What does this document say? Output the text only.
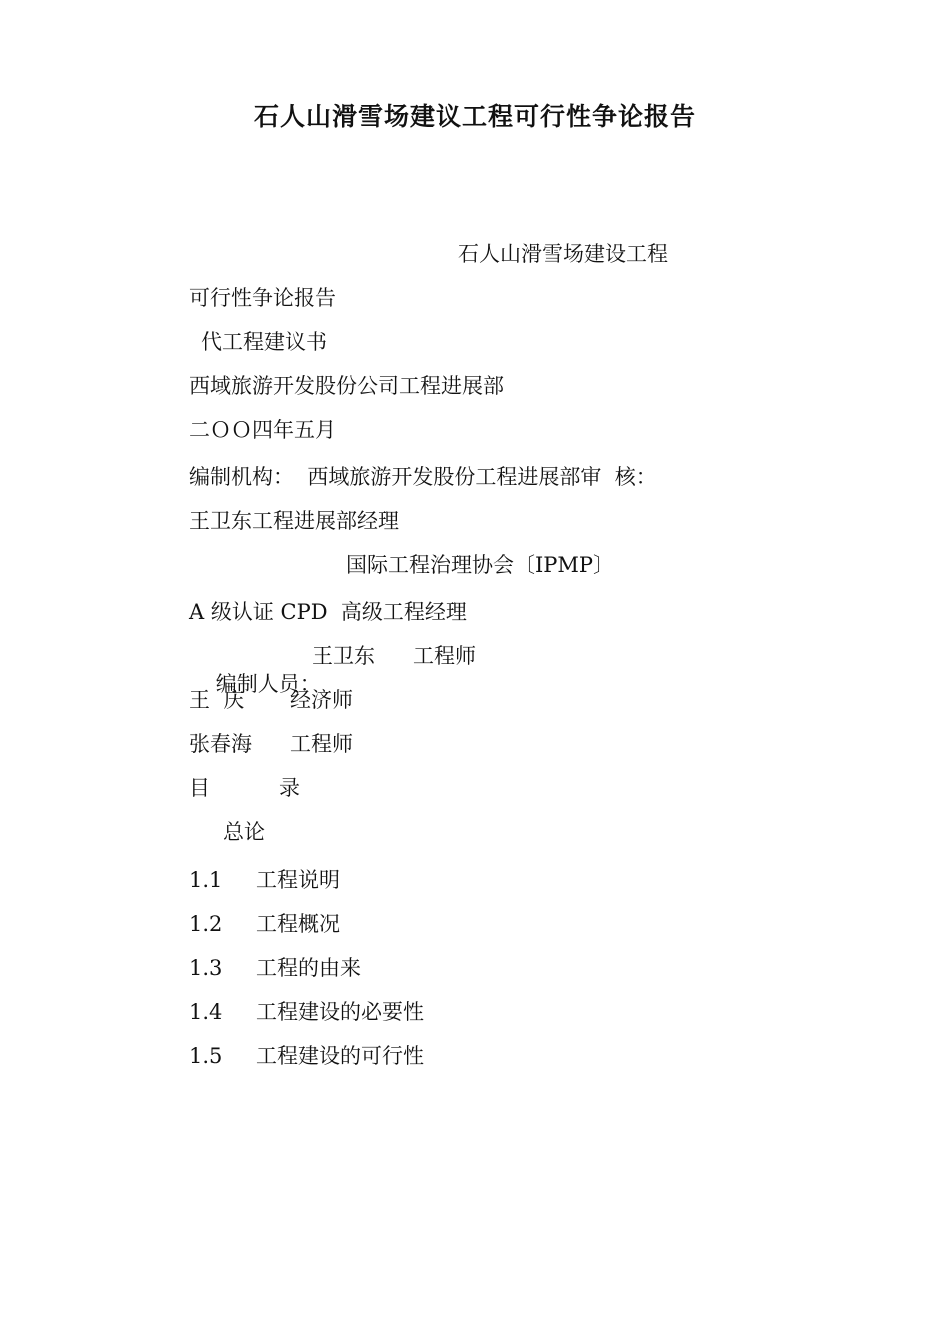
石人山滑雪场建议工程可行性争论报告
石人山滑雪场建设工程
可行性争论报告
代工程建议书
西域旅游开发股份公司工程进展部
二ＯＯ四年五月
编制机构：  西域旅游开发股份工程进展部审  核：
王卫东工程进展部经理
国际工程治理协会〔IPMP〕
A 级认证 CPD  高级工程经理

编制人员：

王卫东 工程师
王  庆 经济师
张春海 工程师
目	录
总论
1.1 工程说明
1.2 工程概况
1.3 工程的由来
1.4 工程建设的必要性
1.5 工程建设的可行性
